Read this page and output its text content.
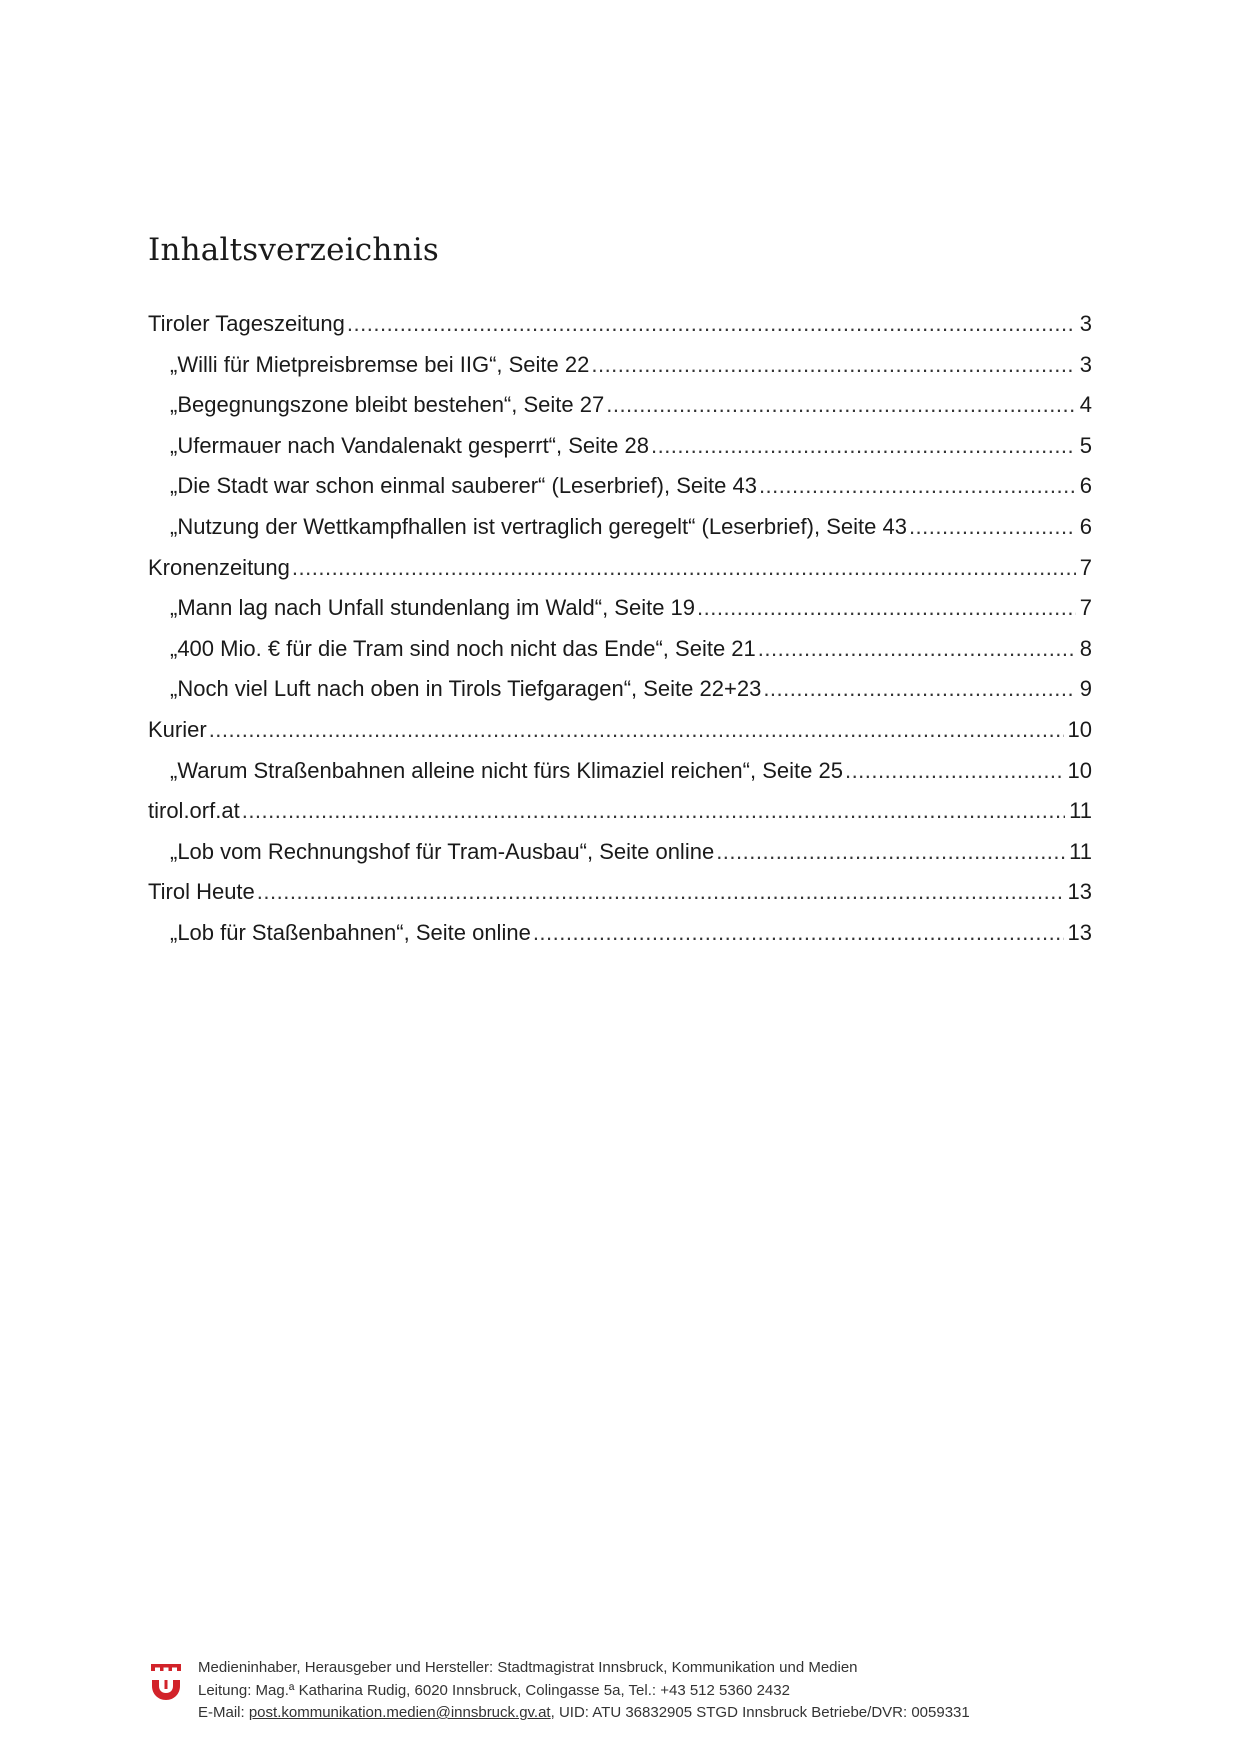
Inhaltsverzeichnis
Tiroler Tageszeitung .....	3
„Willi für Mietpreisbremse bei IIG“, Seite 22 .....	3
„Begegnungszone bleibt bestehen“, Seite 27 .....	4
„Ufermauer nach Vandalenakt gesperrt“, Seite 28 .....	5
„Die Stadt war schon einmal sauberer“ (Leserbrief), Seite 43 .....	6
„Nutzung der Wettkampfhallen ist vertraglich geregelt“ (Leserbrief), Seite 43 .....	6
Kronenzeitung .....	7
„Mann lag nach Unfall stundenlang im Wald“, Seite 19 .....	7
„400 Mio. € für die Tram sind noch nicht das Ende“, Seite 21 .....	8
„Noch viel Luft nach oben in Tirols Tiefgaragen“, Seite 22+23 .....	9
Kurier .....	10
„Warum Straßenbahnen alleine nicht fürs Klimaziel reichen“, Seite 25 .....	10
tirol.orf.at .....	11
„Lob vom Rechnungshof für Tram-Ausbau“, Seite online .....	11
Tirol Heute .....	13
„Lob für Staßenbahnen“, Seite online .....	13
Medieninhaber, Herausgeber und Hersteller: Stadtmagistrat Innsbruck, Kommunikation und Medien
Leitung: Mag.ª Katharina Rudig, 6020 Innsbruck, Colingasse 5a, Tel.: +43 512 5360 2432
E-Mail: post.kommunikation.medien@innsbruck.gv.at, UID: ATU 36832905 STGD Innsbruck Betriebe/DVR: 0059331
